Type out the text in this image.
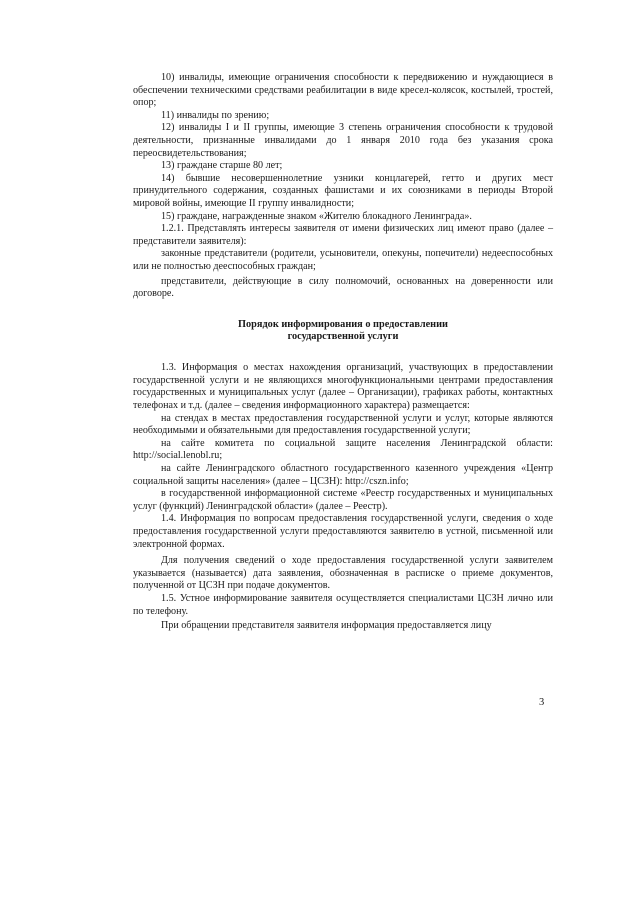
10) инвалиды, имеющие ограничения способности к передвижению и нуждающиеся в обеспечении техническими средствами реабилитации в виде кресел-колясок, костылей, тростей, опор;

11) инвалиды по зрению;

12) инвалиды I и II группы, имеющие 3 степень ограничения способности к трудовой деятельности, признанные инвалидами до 1 января 2010 года без указания срока переосвидетельствования;

13) граждане старше 80 лет;

14) бывшие несовершеннолетние узники концлагерей, гетто и других мест принудительного содержания, созданных фашистами и их союзниками в периоды Второй мировой войны, имеющие II группу инвалидности;

15) граждане, награжденные знаком «Жителю блокадного Ленинграда».

1.2.1. Представлять интересы заявителя от имени физических лиц имеют право (далее – представители заявителя):

законные представители (родители, усыновители, опекуны, попечители) недееспособных или не полностью дееспособных граждан;

представители, действующие в силу полномочий, основанных на доверенности или договоре.

Порядок информирования о предоставлении
государственной услуги

1.3. Информация о местах нахождения организаций, участвующих в предоставлении государственной услуги и не являющихся многофункциональными центрами предоставления государственных и муниципальных услуг (далее – Организации), графиках работы, контактных телефонах и т.д. (далее – сведения информационного характера) размещается:

на стендах в местах предоставления государственной услуги и услуг, которые являются необходимыми и обязательными для предоставления государственной услуги;

на сайте комитета по социальной защите населения Ленинградской области: http://social.lenobl.ru;

на сайте Ленинградского областного государственного казенного учреждения «Центр социальной защиты населения» (далее – ЦСЗН): http://cszn.info;

в государственной информационной системе «Реестр государственных и муниципальных услуг (функций) Ленинградской области» (далее – Реестр).

1.4. Информация по вопросам предоставления государственной услуги, сведения о ходе предоставления государственной услуги предоставляются заявителю в устной, письменной или электронной формах.

Для получения сведений о ходе предоставления государственной услуги заявителем указывается (называется) дата заявления, обозначенная в расписке о приеме документов, полученной от ЦСЗН при подаче документов.

1.5. Устное информирование заявителя осуществляется специалистами ЦСЗН лично или по телефону.

При обращении представителя заявителя информация предоставляется лицу

3
